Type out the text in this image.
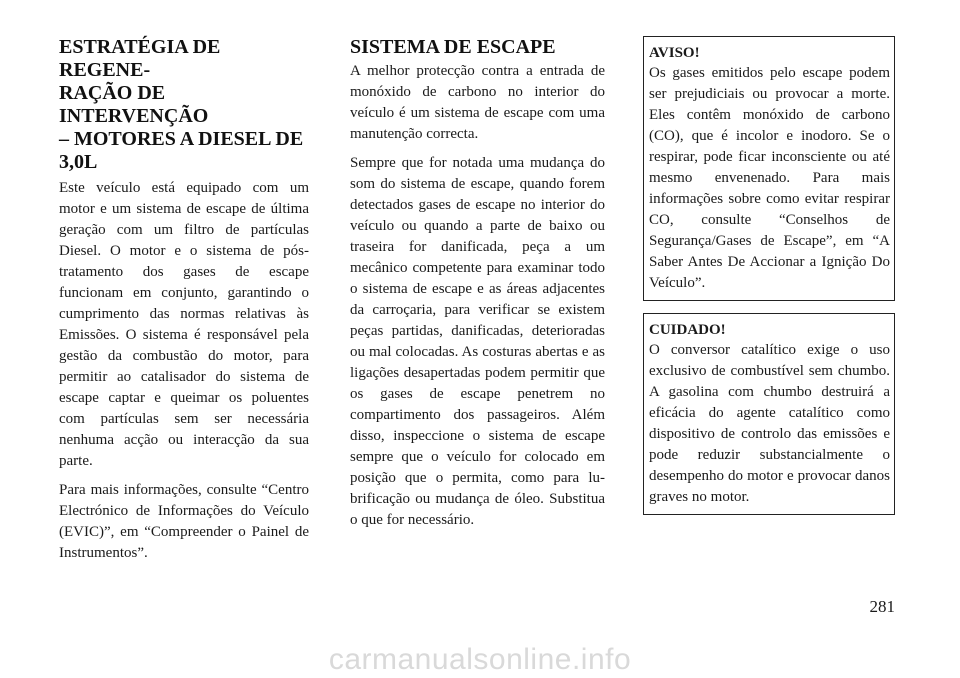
ESTRATÉGIA DE REGENE-
RAÇÃO DE INTERVENÇÃO
– MOTORES A DIESEL DE
3,0L

Este veículo está equipado com um motor e um sistema de escape de última geração com um filtro de partículas Diesel. O motor e o sistema de pós-tratamento dos gases de escape funcionam em conjunto, garantindo o cumprimento das normas relativas às Emissões. O sistema é responsável pela gestão da combustão do motor, para permitir ao catalisador do sistema de escape captar e queimar os poluentes com partículas sem ser necessária nenhuma acção ou interacção da sua parte.

Para mais informações, consulte “Centro Electrónico de Informações do Veículo (EVIC)”, em “Compreender o Painel de Instrumentos”.

SISTEMA DE ESCAPE

A melhor protecção contra a entrada de monóxido de carbono no interior do veículo é um sistema de escape com uma manutenção correcta.

Sempre que for notada uma mudança do som do sistema de escape, quando forem detectados gases de escape no interior do veículo ou quando a parte de baixo ou traseira for danificada, peça a um mecânico competente para examinar todo o sistema de escape e as áreas adjacentes da carroçaria, para verificar se existem peças partidas, danificadas, deterioradas ou mal colocadas. As costuras abertas e as ligações desapertadas podem permitir que os gases de escape penetrem no compartimento dos passageiros. Além disso, inspeccione o sistema de escape sempre que o veículo for colocado em posição que o permita, como para lubrificação ou mudança de óleo. Substitua o que for necessário.

AVISO!

Os gases emitidos pelo escape podem ser prejudiciais ou provocar a morte. Eles contêm monóxido de carbono (CO), que é incolor e inodoro. Se o respirar, pode ficar inconsciente ou até mesmo envenenado. Para mais informações sobre como evitar respirar CO, consulte “Conselhos de Segurança/Gases de Escape”, em “A Saber Antes De Accionar a Ignição Do Veículo”.

CUIDADO!

O conversor catalítico exige o uso exclusivo de combustível sem chumbo. A gasolina com chumbo destruirá a eficácia do agente catalítico como dispositivo de controlo das emissões e pode reduzir substancialmente o desempenho do motor e provocar danos graves no motor.

281
carmanualsonline.info
